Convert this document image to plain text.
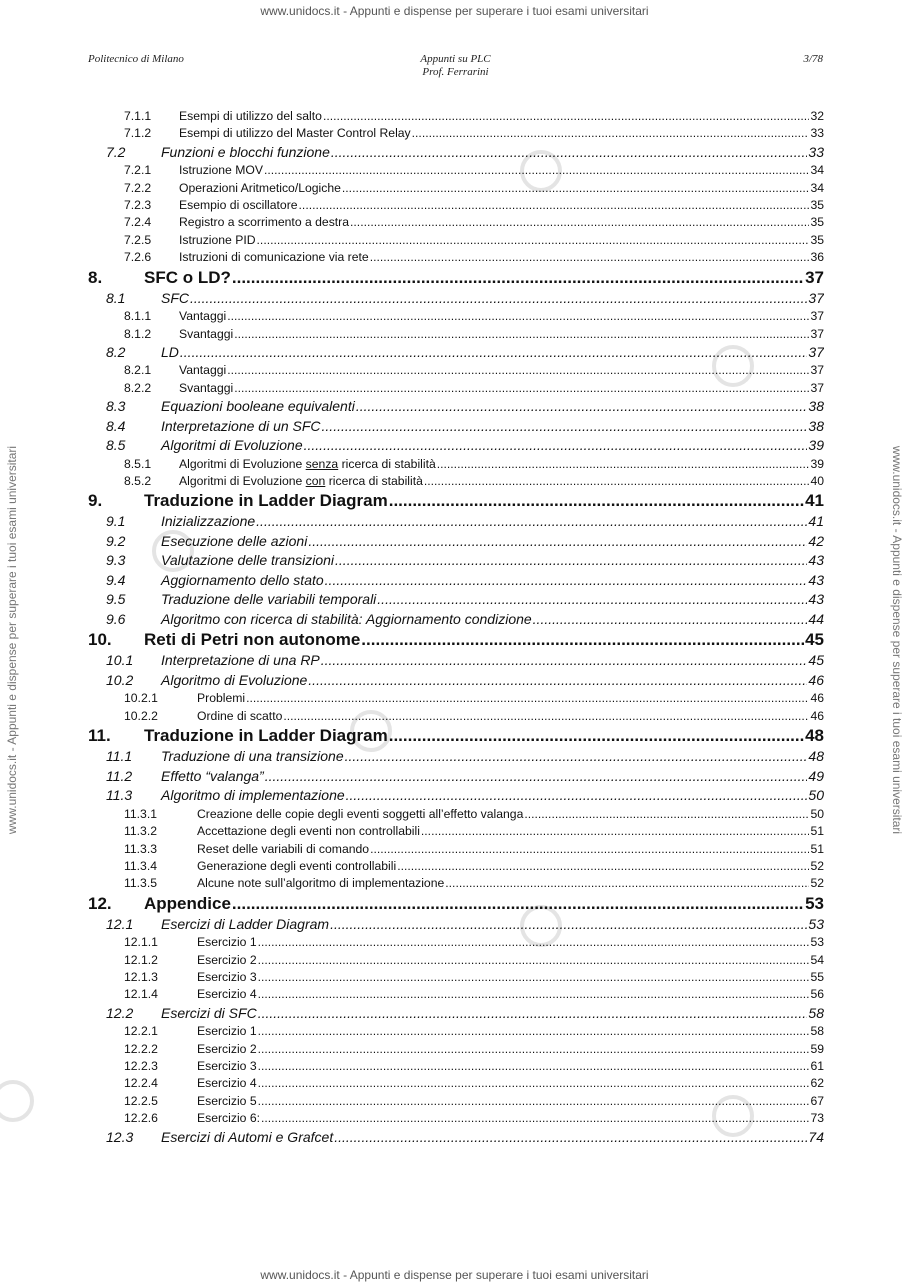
www.unidocs.it - Appunti e dispense per superare i tuoi esami universitari
www.unidocs.it - Appunti e dispense per superare i tuoi esami universitari
www.unidocs.it - Appunti e dispense per superare i tuoi esami universitari	www.unidocs.it - Appunti e dispense per superare i tuoi esami universitari
Politecnico di Milano	Appunti su PLC
Prof. Ferrarini
3/78
7.1.1	Esempi di utilizzo del salto .....	32
7.1.2	Esempi di utilizzo del Master Control Relay .....	33
7.2	Funzioni e blocchi funzione .....	33
7.2.1	Istruzione MOV .....	34
7.2.2	Operazioni Aritmetico/Logiche .....	34
7.2.3	Esempio di oscillatore .....	35
7.2.4	Registro a scorrimento a destra .....	35
7.2.5	Istruzione PID .....	35
7.2.6	Istruzioni di comunicazione via rete .....	36
8.	SFC o LD? .....	37
8.1	SFC .....	37
8.1.1	Vantaggi .....	37
8.1.2	Svantaggi .....	37
8.2	LD .....	37
8.2.1	Vantaggi .....	37
8.2.2	Svantaggi .....	37
8.3	Equazioni booleane equivalenti .....	38
8.4	Interpretazione di un SFC .....	38
8.5	Algoritmi di Evoluzione .....	39
8.5.1	Algoritmi di Evoluzione senza ricerca di stabilità .....	39
8.5.2	Algoritmi di Evoluzione con ricerca di stabilità .....	40
9.	Traduzione in Ladder Diagram .....	41
9.1	Inizializzazione .....	41
9.2	Esecuzione delle azioni .....	42
9.3	Valutazione delle transizioni .....	43
9.4	Aggiornamento dello stato .....	43
9.5	Traduzione delle variabili temporali .....	43
9.6	Algoritmo con ricerca di stabilità: Aggiornamento condizione .....	44
10.	Reti di Petri non autonome .....	45
10.1	Interpretazione di una RP .....	45
10.2	Algoritmo di Evoluzione .....	46
10.2.1	Problemi .....	46
10.2.2	Ordine di scatto .....	46
11.	Traduzione in Ladder Diagram .....	48
11.1	Traduzione di una transizione .....	48
11.2	Effetto “valanga” .....	49
11.3	Algoritmo di implementazione .....	50
11.3.1	Creazione delle copie degli eventi soggetti all’effetto valanga .....	50
11.3.2	Accettazione degli eventi non controllabili .....	51
11.3.3	Reset delle variabili di comando .....	51
11.3.4	Generazione degli eventi controllabili .....	52
11.3.5	Alcune note sull’algoritmo di implementazione .....	52
12.	Appendice .....	53
12.1	Esercizi di Ladder Diagram .....	53
12.1.1	Esercizio 1 .....	53
12.1.2	Esercizio 2 .....	54
12.1.3	Esercizio 3 .....	55
12.1.4	Esercizio 4 .....	56
12.2	Esercizi di SFC .....	58
12.2.1	Esercizio 1 .....	58
12.2.2	Esercizio 2 .....	59
12.2.3	Esercizio 3 .....	61
12.2.4	Esercizio 4 .....	62
12.2.5	Esercizio 5 .....	67
12.2.6	Esercizio 6: .....	73
12.3	Esercizi di Automi e Grafcet .....	74
